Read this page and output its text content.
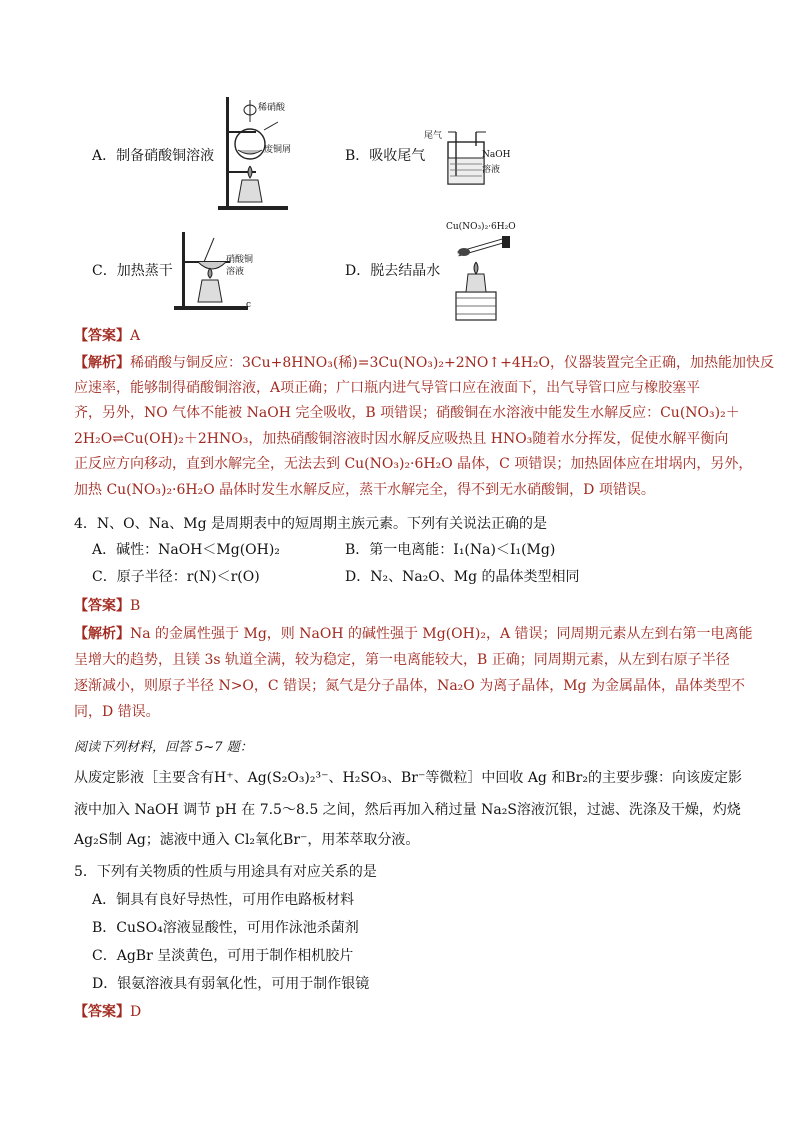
A．制备硝酸铜溶液
稀硝酸
废铜屑	B．吸收尾气
尾气
NaOH
溶液
C．加热蒸干
硝酸铜
溶液
c
D．脱去结晶水
Cu(NO₃)₂·6H₂O
【答案】A
【解析】稀硝酸与铜反应：3Cu+8HNO₃(稀)=3Cu(NO₃)₂+2NO↑+4H₂O，仪器装置完全正确，加热能加快反
应速率，能够制得硝酸铜溶液，A项正确；广口瓶内进气导管口应在液面下，出气导管口应与橡胶塞平
齐，另外，NO 气体不能被 NaOH 完全吸收，B 项错误；硝酸铜在水溶液中能发生水解反应：Cu(NO₃)₂＋
2H₂O⇌Cu(OH)₂＋2HNO₃，加热硝酸铜溶液时因水解反应吸热且 HNO₃随着水分挥发，促使水解平衡向
正反应方向移动，直到水解完全，无法去到 Cu(NO₃)₂·6H₂O 晶体，C 项错误；加热固体应在坩埚内，另外，
加热 Cu(NO₃)₂·6H₂O 晶体时发生水解反应，蒸干水解完全，得不到无水硝酸铜，D 项错误。
4．N、O、Na、Mg 是周期表中的短周期主族元素。下列有关说法正确的是
A．碱性：NaOH＜Mg(OH)₂	B．第一电离能：I₁(Na)＜I₁(Mg)
C．原子半径：r(N)＜r(O)	D．N₂、Na₂O、Mg 的晶体类型相同
【答案】B
【解析】Na 的金属性强于 Mg，则 NaOH 的碱性强于 Mg(OH)₂，A 错误；同周期元素从左到右第一电离能
呈增大的趋势，且镁 3s 轨道全满，较为稳定，第一电离能较大，B 正确；同周期元素，从左到右原子半径
逐渐减小，则原子半径 N>O，C 错误；氮气是分子晶体，Na₂O 为离子晶体，Mg 为金属晶体，晶体类型不
同，D 错误。
阅读下列材料，回答 5~7 题：
从废定影液［主要含有H⁺、Ag(S₂O₃)₂³⁻、H₂SO₃、Br⁻等微粒］中回收 Ag 和Br₂的主要步骤：向该废定影
液中加入 NaOH 调节 pH 在 7.5～8.5 之间，然后再加入稍过量 Na₂S溶液沉银，过滤、洗涤及干燥，灼烧
Ag₂S制 Ag；滤液中通入 Cl₂氧化Br⁻，用苯萃取分液。
5．下列有关物质的性质与用途具有对应关系的是
A．铜具有良好导热性，可用作电路板材料
B．CuSO₄溶液显酸性，可用作泳池杀菌剂
C．AgBr 呈淡黄色，可用于制作相机胶片
D．银氨溶液具有弱氧化性，可用于制作银镜
【答案】D
